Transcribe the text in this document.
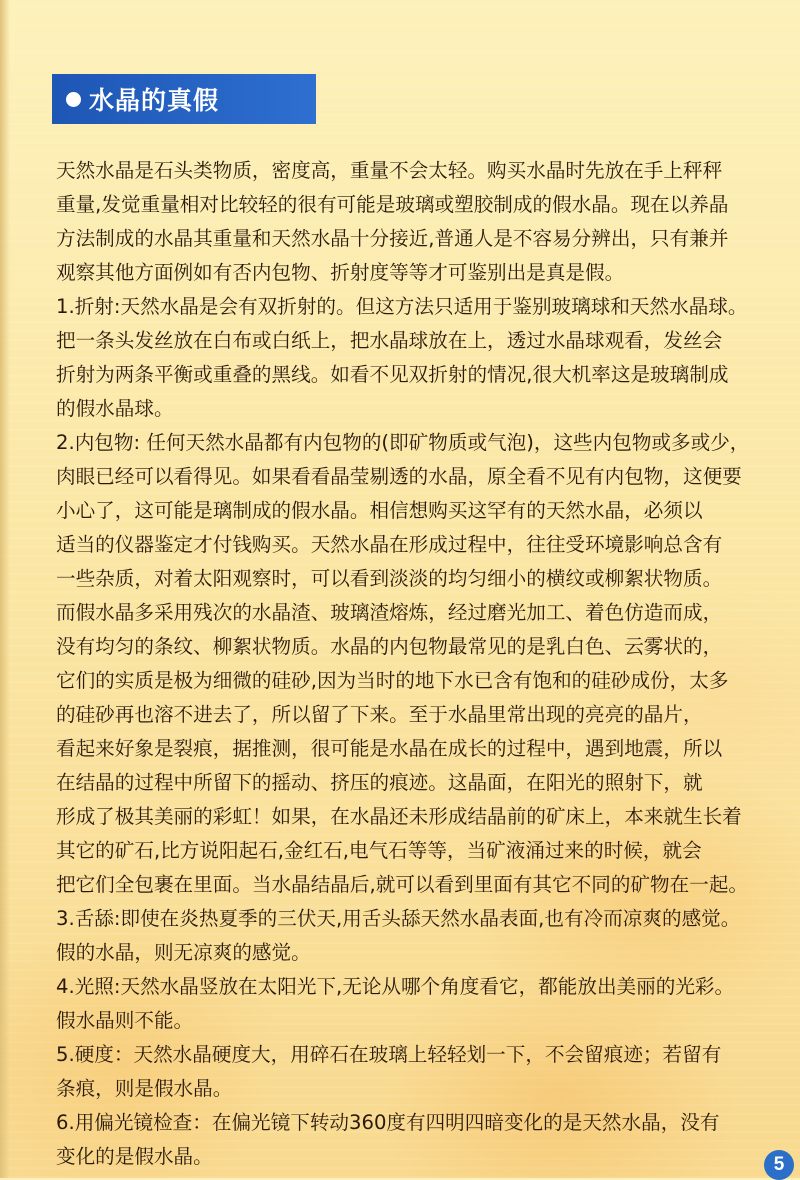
水晶的真假

天然水晶是石头类物质，密度高，重量不会太轻。购买水晶时先放在手上秤秤
重量,发觉重量相对比较轻的很有可能是玻璃或塑胶制成的假水晶。现在以养晶
方法制成的水晶其重量和天然水晶十分接近,普通人是不容易分辨出，只有兼并
观察其他方面例如有否内包物、折射度等等才可鉴别出是真是假。

1.折射:天然水晶是会有双折射的。但这方法只适用于鉴别玻璃球和天然水晶球。
把一条头发丝放在白布或白纸上，把水晶球放在上，透过水晶球观看，发丝会
折射为两条平衡或重叠的黑线。如看不见双折射的情况,很大机率这是玻璃制成
的假水晶球。

2.内包物: 任何天然水晶都有内包物的(即矿物质或气泡)，这些内包物或多或少，
肉眼已经可以看得见。如果看看晶莹剔透的水晶，原全看不见有内包物，这便要
小心了，这可能是璃制成的假水晶。相信想购买这罕有的天然水晶，必须以
适当的仪器鉴定才付钱购买。天然水晶在形成过程中，往往受环境影响总含有
一些杂质，对着太阳观察时，可以看到淡淡的均匀细小的横纹或柳絮状物质。
而假水晶多采用残次的水晶渣、玻璃渣熔炼，经过磨光加工、着色仿造而成，
没有均匀的条纹、柳絮状物质。水晶的内包物最常见的是乳白色、云雾状的，
它们的实质是极为细微的硅砂,因为当时的地下水已含有饱和的硅砂成份，太多
的硅砂再也溶不进去了，所以留了下来。至于水晶里常出现的亮亮的晶片，
看起来好象是裂痕，据推测，很可能是水晶在成长的过程中，遇到地震，所以
在结晶的过程中所留下的摇动、挤压的痕迹。这晶面，在阳光的照射下，就
形成了极其美丽的彩虹！如果，在水晶还未形成结晶前的矿床上，本来就生长着
其它的矿石,比方说阳起石,金红石,电气石等等，当矿液涌过来的时候，就会
把它们全包裹在里面。当水晶结晶后,就可以看到里面有其它不同的矿物在一起。

3.舌舔:即使在炎热夏季的三伏天,用舌头舔天然水晶表面,也有冷而凉爽的感觉。
假的水晶，则无凉爽的感觉。

4.光照:天然水晶竖放在太阳光下,无论从哪个角度看它，都能放出美丽的光彩。
假水晶则不能。

5.硬度：天然水晶硬度大，用碎石在玻璃上轻轻划一下，不会留痕迹；若留有
条痕，则是假水晶。

6.用偏光镜检查：在偏光镜下转动360度有四明四暗变化的是天然水晶，没有
变化的是假水晶。	5
